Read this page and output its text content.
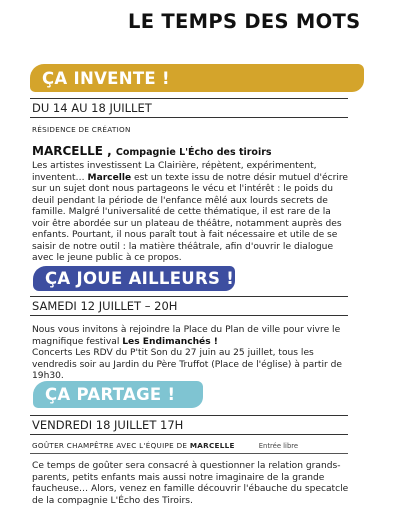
LE TEMPS DES MOTS
ÇA INVENTE !
DU 14 AU 18 JUILLET
RÉSIDENCE DE CRÉATION
MARCELLE , Compagnie L'Écho des tiroirs

Les artistes investissent La Clairière, répètent, expérimentent, inventent… Marcelle est un texte issu de notre désir mutuel d'écrire sur un sujet dont nous partageons le vécu et l'intérêt : le poids du deuil pendant la période de l'enfance mêlé aux lourds secrets de famille. Malgré l'universalité de cette thématique, il est rare de la voir être abordée sur un plateau de théâtre, notamment auprès des enfants. Pourtant, il nous paraît tout à fait nécessaire et utile de se saisir de notre outil : la matière théâtrale, afin d'ouvrir le dialogue avec le jeune public à ce propos.

ÇA JOUE AILLEURS !
SAMEDI 12 JUILLET – 20H

Nous vous invitons à rejoindre la Place du Plan de ville pour vivre le magnifique festival Les Endimanchés !

Concerts Les RDV du P'tit Son du 27 juin au 25 juillet, tous les vendredis soir au Jardin du Père Truffot (Place de l'église) à partir de 19h30.

ÇA PARTAGE !
VENDREDI 18 JUILLET 17H
GOÛTER CHAMPÊTRE AVEC L'ÉQUIPE DE MARCELLE	Entrée libre

Ce temps de goûter sera consacré à questionner la relation grands-parents, petits enfants mais aussi notre imaginaire de la grande faucheuse… Alors, venez en famille découvrir l'ébauche du specatcle de la compagnie L'Écho des Tiroirs.
